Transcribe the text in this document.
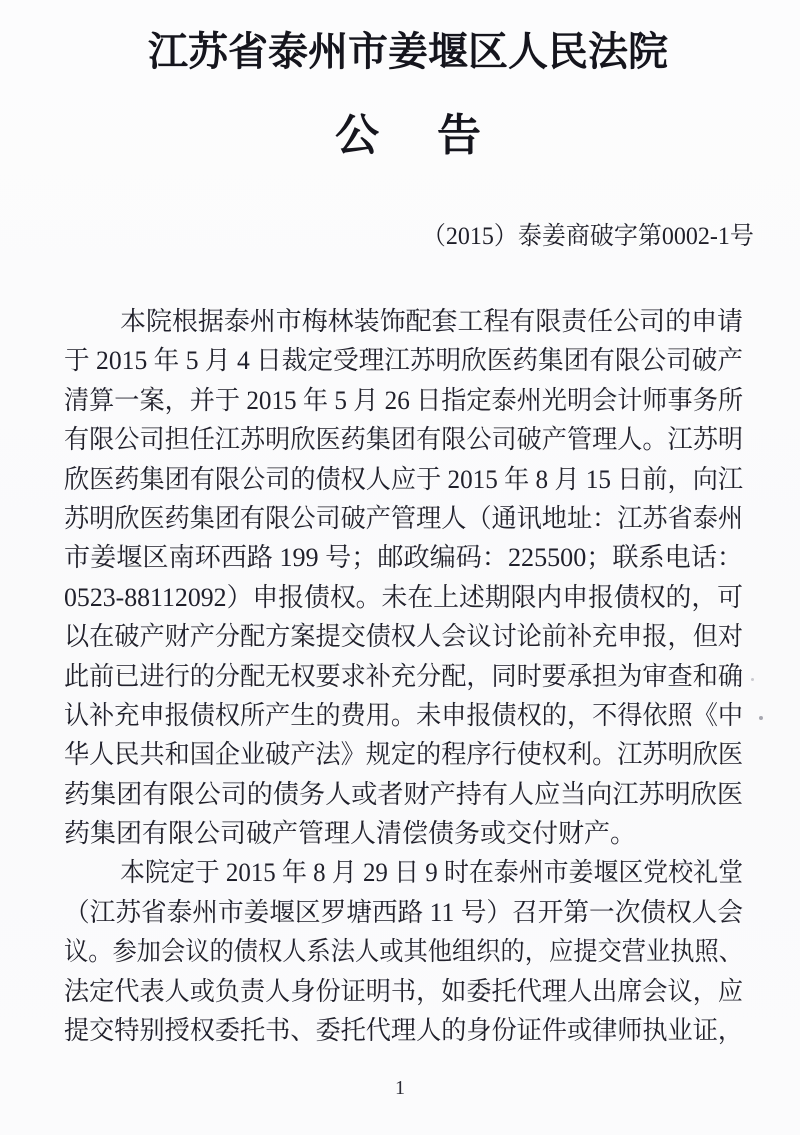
江苏省泰州市姜堰区人民法院
公 告
（2015）泰姜商破字第0002-1号
本院根据泰州市梅林装饰配套工程有限责任公司的申请
于 2015 年 5 月 4 日裁定受理江苏明欣医药集团有限公司破产
清算一案，并于 2015 年 5 月 26 日指定泰州光明会计师事务所
有限公司担任江苏明欣医药集团有限公司破产管理人。江苏明
欣医药集团有限公司的债权人应于 2015 年 8 月 15 日前，向江
苏明欣医药集团有限公司破产管理人（通讯地址：江苏省泰州
市姜堰区南环西路 199 号；邮政编码：225500；联系电话：
0523-88112092）申报债权。未在上述期限内申报债权的，可
以在破产财产分配方案提交债权人会议讨论前补充申报，但对
此前已进行的分配无权要求补充分配，同时要承担为审查和确
认补充申报债权所产生的费用。未申报债权的，不得依照《中
华人民共和国企业破产法》规定的程序行使权利。江苏明欣医
药集团有限公司的债务人或者财产持有人应当向江苏明欣医
药集团有限公司破产管理人清偿债务或交付财产。
本院定于 2015 年 8 月 29 日 9 时在泰州市姜堰区党校礼堂
（江苏省泰州市姜堰区罗塘西路 11 号）召开第一次债权人会
议。参加会议的债权人系法人或其他组织的，应提交营业执照、
法定代表人或负责人身份证明书，如委托代理人出席会议，应
提交特别授权委托书、委托代理人的身份证件或律师执业证，
1
